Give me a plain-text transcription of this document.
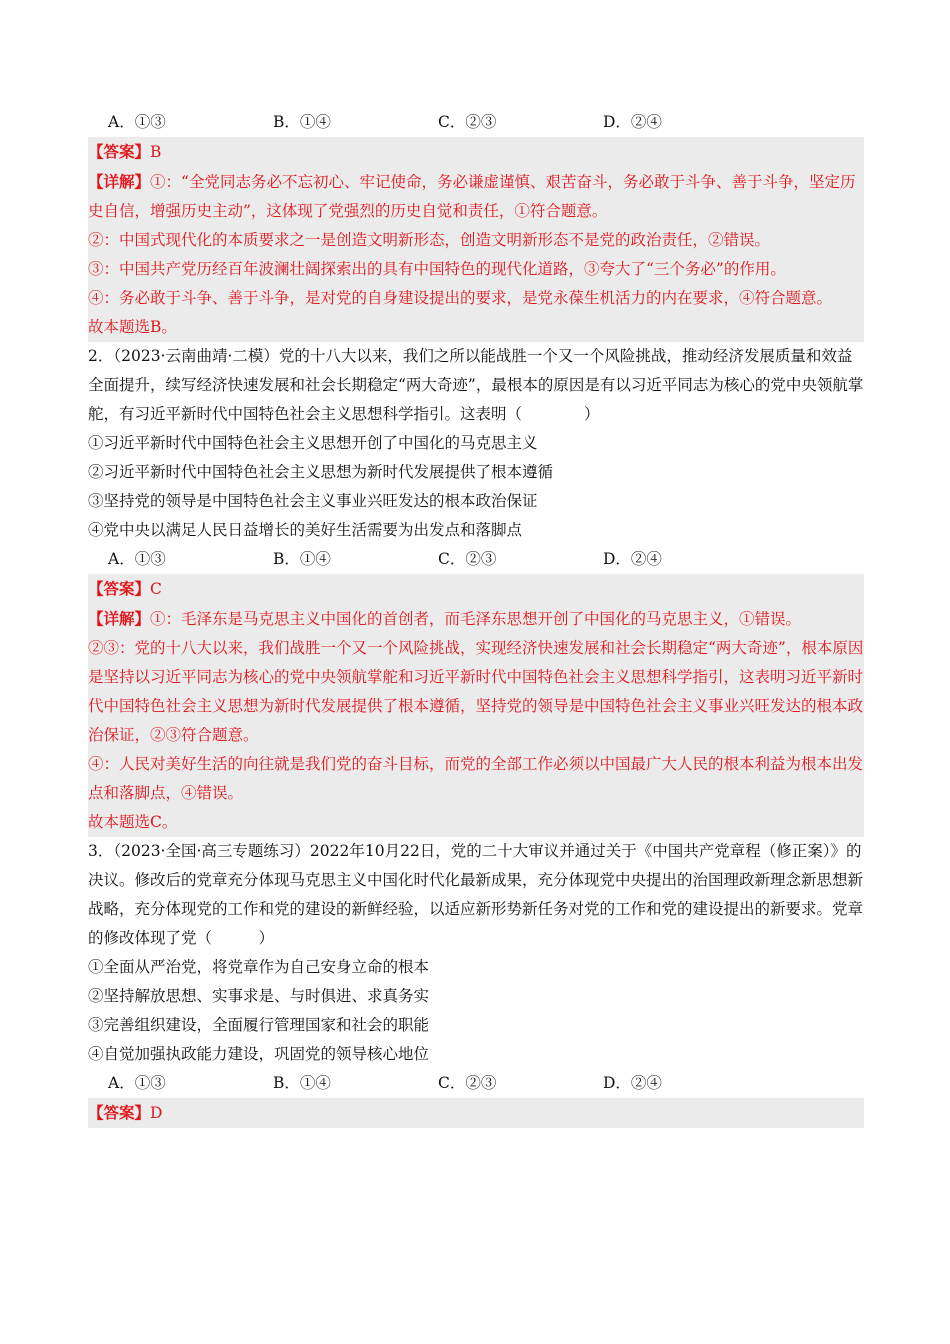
A．①③	B．①④	C．②③	D．②④
【答案】B
【详解】①：“全党同志务必不忘初心、牢记使命，务必谦虚谨慎、艰苦奋斗，务必敢于斗争、善于斗争，坚定历史自信，增强历史主动”，这体现了党强烈的历史自觉和责任，①符合题意。
②：中国式现代化的本质要求之一是创造文明新形态，创造文明新形态不是党的政治责任，②错误。
③：中国共产党历经百年波澜壮阔探索出的具有中国特色的现代化道路，③夸大了“三个务必”的作用。
④：务必敢于斗争、善于斗争，是对党的自身建设提出的要求，是党永葆生机活力的内在要求，④符合题意。
故本题选B。
2．（2023·云南曲靖·二模）党的十八大以来，我们之所以能战胜一个又一个风险挑战，推动经济发展质量和效益全面提升，续写经济快速发展和社会长期稳定“两大奇迹”，最根本的原因是有以习近平同志为核心的党中央领航掌舵，有习近平新时代中国特色社会主义思想科学指引。这表明（　　　　）
①习近平新时代中国特色社会主义思想开创了中国化的马克思主义
②习近平新时代中国特色社会主义思想为新时代发展提供了根本遵循
③坚持党的领导是中国特色社会主义事业兴旺发达的根本政治保证
④党中央以满足人民日益增长的美好生活需要为出发点和落脚点
A．①③	B．①④	C．②③	D．②④
【答案】C
【详解】①：毛泽东是马克思主义中国化的首创者，而毛泽东思想开创了中国化的马克思主义，①错误。
②③：党的十八大以来，我们战胜一个又一个风险挑战，实现经济快速发展和社会长期稳定“两大奇迹”，根本原因是坚持以习近平同志为核心的党中央领航掌舵和习近平新时代中国特色社会主义思想科学指引，这表明习近平新时代中国特色社会主义思想为新时代发展提供了根本遵循，坚持党的领导是中国特色社会主义事业兴旺发达的根本政治保证，②③符合题意。
④：人民对美好生活的向往就是我们党的奋斗目标，而党的全部工作必须以中国最广大人民的根本利益为根本出发点和落脚点，④错误。
故本题选C。
3．（2023·全国·高三专题练习）2022年10月22日，党的二十大审议并通过关于《中国共产党章程（修正案）》的决议。修改后的党章充分体现马克思主义中国化时代化最新成果，充分体现党中央提出的治国理政新理念新思想新战略，充分体现党的工作和党的建设的新鲜经验，以适应新形势新任务对党的工作和党的建设提出的新要求。党章的修改体现了党（　　　）
①全面从严治党，将党章作为自己安身立命的根本
②坚持解放思想、实事求是、与时俱进、求真务实
③完善组织建设，全面履行管理国家和社会的职能
④自觉加强执政能力建设，巩固党的领导核心地位
A．①③	B．①④	C．②③	D．②④
【答案】D
